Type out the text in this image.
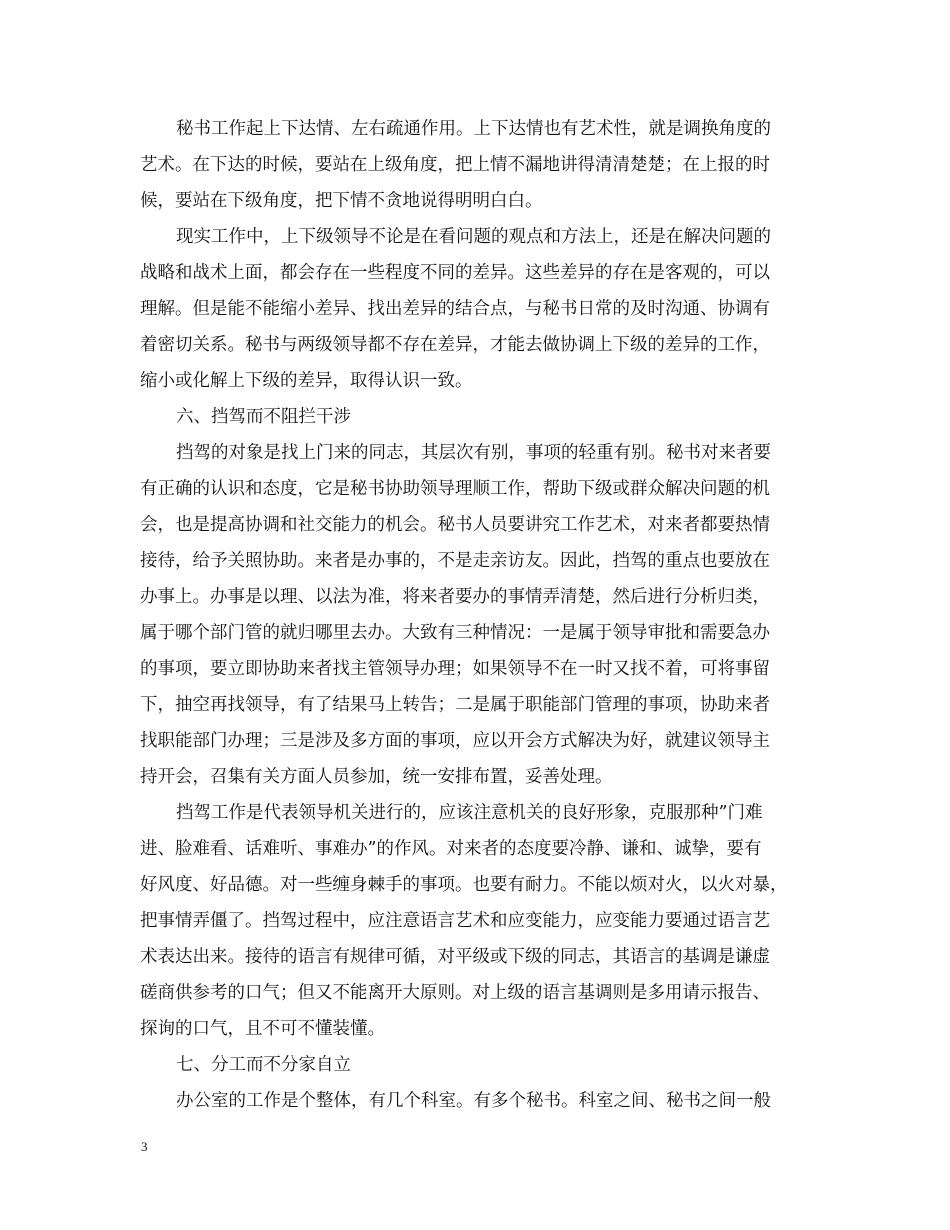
秘书工作起上下达情、左右疏通作用。上下达情也有艺术性，就是调换角度的
艺术。在下达的时候，要站在上级角度，把上情不漏地讲得清清楚楚；在上报的时
候，要站在下级角度，把下情不贪地说得明明白白。
现实工作中，上下级领导不论是在看问题的观点和方法上，还是在解决问题的
战略和战术上面，都会存在一些程度不同的差异。这些差异的存在是客观的，可以
理解。但是能不能缩小差异、找出差异的结合点，与秘书日常的及时沟通、协调有
着密切关系。秘书与两级领导都不存在差异，才能去做协调上下级的差异的工作，
缩小或化解上下级的差异，取得认识一致。
六、挡驾而不阻拦干涉
挡驾的对象是找上门来的同志，其层次有别，事项的轻重有别。秘书对来者要
有正确的认识和态度，它是秘书协助领导理顺工作，帮助下级或群众解决问题的机
会，也是提高协调和社交能力的机会。秘书人员要讲究工作艺术，对来者都要热情
接待，给予关照协助。来者是办事的，不是走亲访友。因此，挡驾的重点也要放在
办事上。办事是以理、以法为准，将来者要办的事情弄清楚，然后进行分析归类，
属于哪个部门管的就归哪里去办。大致有三种情况：一是属于领导审批和需要急办
的事项，要立即协助来者找主管领导办理；如果领导不在一时又找不着，可将事留
下，抽空再找领导，有了结果马上转告；二是属于职能部门管理的事项，协助来者
找职能部门办理；三是涉及多方面的事项，应以开会方式解决为好，就建议领导主
持开会，召集有关方面人员参加，统一安排布置，妥善处理。
挡驾工作是代表领导机关进行的，应该注意机关的良好形象，克服那种”门难
进、脸难看、话难听、事难办”的作风。对来者的态度要冷静、谦和、诚挚，要有
好风度、好品德。对一些缠身棘手的事项。也要有耐力。不能以烦对火，以火对暴，
把事情弄僵了。挡驾过程中，应注意语言艺术和应变能力，应变能力要通过语言艺
术表达出来。接待的语言有规律可循，对平级或下级的同志，其语言的基调是谦虚
磋商供参考的口气；但又不能离开大原则。对上级的语言基调则是多用请示报告、
探询的口气，且不可不懂装懂。
七、分工而不分家自立
办公室的工作是个整体，有几个科室。有多个秘书。科室之间、秘书之间一般
3
